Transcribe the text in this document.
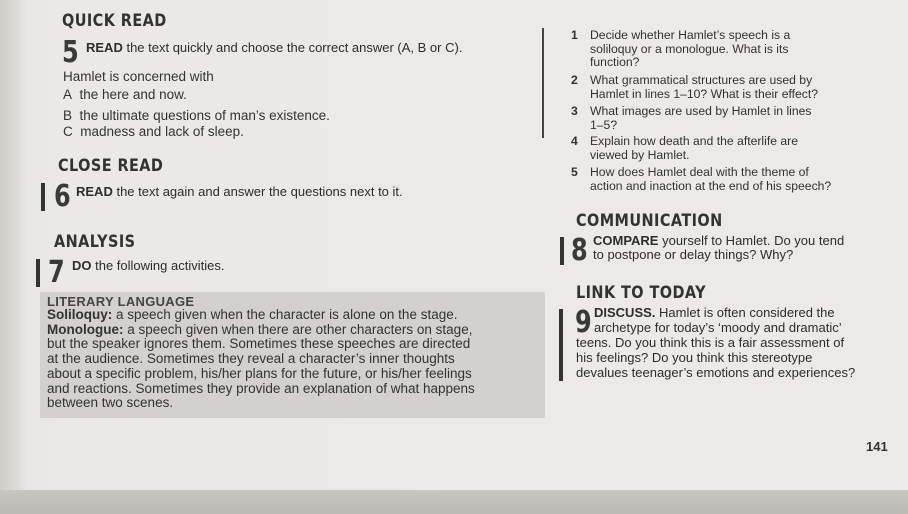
QUICK READ
5 READ the text quickly and choose the correct answer (A, B or C).
Hamlet is concerned with
A the here and now.
B the ultimate questions of man’s existence.
C madness and lack of sleep.
CLOSE READ
6 READ the text again and answer the questions next to it.
ANALYSIS
7 DO the following activities.
LITERARY LANGUAGE
Soliloquy: a speech given when the character is alone on the stage.
Monologue: a speech given when there are other characters on stage,
but the speaker ignores them. Sometimes these speeches are directed
at the audience. Sometimes they reveal a character’s inner thoughts
about a specific problem, his/her plans for the future, or his/her feelings
and reactions. Sometimes they provide an explanation of what happens
between two scenes.
1 Decide whether Hamlet’s speech is a
soliloquy or a monologue. What is its
function?
2 What grammatical structures are used by
Hamlet in lines 1–10? What is their effect?
3 What images are used by Hamlet in lines
1–5?
4 Explain how death and the afterlife are
viewed by Hamlet.
5 How does Hamlet deal with the theme of
action and inaction at the end of his speech?
COMMUNICATION
8 COMPARE yourself to Hamlet. Do you tend
to postpone or delay things? Why?
LINK TO TODAY
9 DISCUSS. Hamlet is often considered the
archetype for today’s ‘moody and dramatic’
teens. Do you think this is a fair assessment of
his feelings? Do you think this stereotype
devalues teenager’s emotions and experiences?
141
